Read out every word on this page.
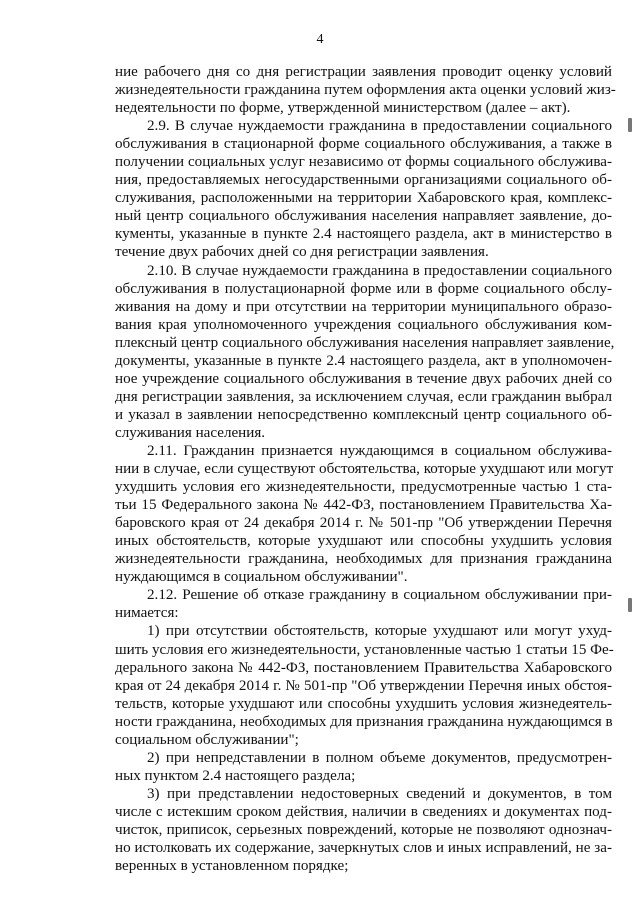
4
ние рабочего дня со дня регистрации заявления проводит оценку условий
жизнедеятельности гражданина путем оформления акта оценки условий жиз-
недеятельности по форме, утвержденной министерством (далее – акт).
2.9. В случае нуждаемости гражданина в предоставлении социального
обслуживания в стационарной форме социального обслуживания, а также в
получении социальных услуг независимо от формы социального обслужива-
ния, предоставляемых негосударственными организациями социального об-
служивания, расположенными на территории Хабаровского края, комплекс-
ный центр социального обслуживания населения направляет заявление, до-
кументы, указанные в пункте 2.4 настоящего раздела, акт в министерство в
течение двух рабочих дней со дня регистрации заявления.
2.10. В случае нуждаемости гражданина в предоставлении социального
обслуживания в полустационарной форме или в форме социального обслу-
живания на дому и при отсутствии на территории муниципального образо-
вания края уполномоченного учреждения социального обслуживания ком-
плексный центр социального обслуживания населения направляет заявление,
документы, указанные в пункте 2.4 настоящего раздела, акт в уполномочен-
ное учреждение социального обслуживания в течение двух рабочих дней со
дня регистрации заявления, за исключением случая, если гражданин выбрал
и указал в заявлении непосредственно комплексный центр социального об-
служивания населения.
2.11. Гражданин признается нуждающимся в социальном обслужива-
нии в случае, если существуют обстоятельства, которые ухудшают или могут
ухудшить условия его жизнедеятельности, предусмотренные частью 1 ста-
тьи 15 Федерального закона № 442-ФЗ, постановлением Правительства Ха-
баровского края от 24 декабря 2014 г. № 501-пр "Об утверждении Перечня
иных обстоятельств, которые ухудшают или способны ухудшить условия
жизнедеятельности гражданина, необходимых для признания гражданина
нуждающимся в социальном обслуживании".
2.12. Решение об отказе гражданину в социальном обслуживании при-
нимается:
1) при отсутствии обстоятельств, которые ухудшают или могут ухуд-
шить условия его жизнедеятельности, установленные частью 1 статьи 15 Фе-
дерального закона № 442-ФЗ, постановлением Правительства Хабаровского
края от 24 декабря 2014 г. № 501-пр "Об утверждении Перечня иных обстоя-
тельств, которые ухудшают или способны ухудшить условия жизнедеятель-
ности гражданина, необходимых для признания гражданина нуждающимся в
социальном обслуживании";
2) при непредставлении в полном объеме документов, предусмотрен-
ных пунктом 2.4 настоящего раздела;
3) при представлении недостоверных сведений и документов, в том
числе с истекшим сроком действия, наличии в сведениях и документах под-
чисток, приписок, серьезных повреждений, которые не позволяют однознач-
но истолковать их содержание, зачеркнутых слов и иных исправлений, не за-
веренных в установленном порядке;
